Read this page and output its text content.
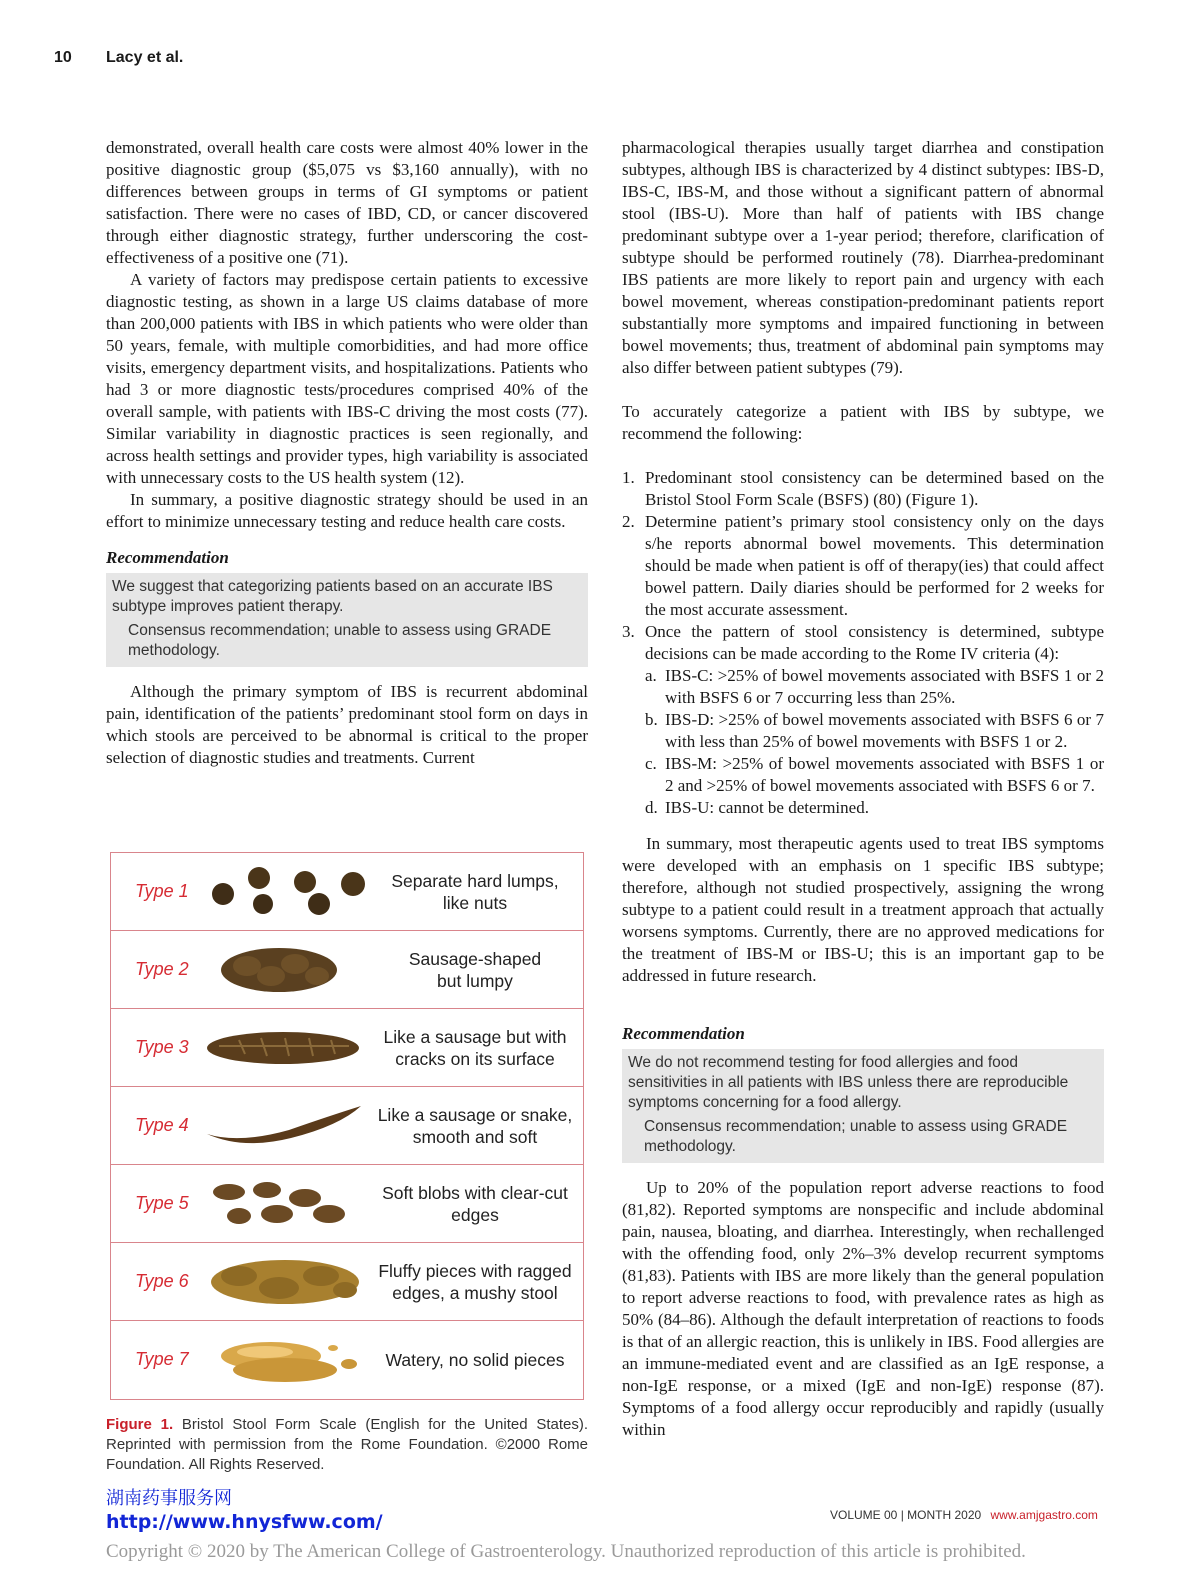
10 Lacy et al.

demonstrated, overall health care costs were almost 40% lower in the positive diagnostic group ($5,075 vs $3,160 annually), with no differences between groups in terms of GI symptoms or patient satisfaction. There were no cases of IBD, CD, or cancer discovered through either diagnostic strategy, further underscoring the cost-effectiveness of a positive one (71).

A variety of factors may predispose certain patients to excessive diagnostic testing, as shown in a large US claims database of more than 200,000 patients with IBS in which patients who were older than 50 years, female, with multiple comorbidities, and had more office visits, emergency department visits, and hospitalizations. Patients who had 3 or more diagnostic tests/procedures comprised 40% of the overall sample, with patients with IBS-C driving the most costs (77). Similar variability in diagnostic practices is seen regionally, and across health settings and provider types, high variability is associated with unnecessary costs to the US health system (12).

In summary, a positive diagnostic strategy should be used in an effort to minimize unnecessary testing and reduce health care costs.

Recommendation
We suggest that categorizing patients based on an accurate IBS subtype improves patient therapy.
Consensus recommendation; unable to assess using GRADE methodology.

Although the primary symptom of IBS is recurrent abdominal pain, identification of the patients’ predominant stool form on days in which stools are perceived to be abnormal is critical to the proper selection of diagnostic studies and treatments. Current

pharmacological therapies usually target diarrhea and constipation subtypes, although IBS is characterized by 4 distinct subtypes: IBS-D, IBS-C, IBS-M, and those without a significant pattern of abnormal stool (IBS-U). More than half of patients with IBS change predominant subtype over a 1-year period; therefore, clarification of subtype should be performed routinely (78). Diarrhea-predominant IBS patients are more likely to report pain and urgency with each bowel movement, whereas constipation-predominant patients report substantially more symptoms and impaired functioning in between bowel movements; thus, treatment of abdominal pain symptoms may also differ between patient subtypes (79).

To accurately categorize a patient with IBS by subtype, we recommend the following:

1. Predominant stool consistency can be determined based on the Bristol Stool Form Scale (BSFS) (80) (Figure 1).
2. Determine patient’s primary stool consistency only on the days s/he reports abnormal bowel movements. This determination should be made when patient is off of therapy(ies) that could affect bowel pattern. Daily diaries should be performed for 2 weeks for the most accurate assessment.
3. Once the pattern of stool consistency is determined, subtype decisions can be made according to the Rome IV criteria (4):
a. IBS-C: >25% of bowel movements associated with BSFS 1 or 2 with BSFS 6 or 7 occurring less than 25%.
b. IBS-D: >25% of bowel movements associated with BSFS 6 or 7 with less than 25% of bowel movements with BSFS 1 or 2.
c. IBS-M: >25% of bowel movements associated with BSFS 1 or 2 and >25% of bowel movements associated with BSFS 6 or 7.
d. IBS-U: cannot be determined.

In summary, most therapeutic agents used to treat IBS symptoms were developed with an emphasis on 1 specific IBS subtype; therefore, although not studied prospectively, assigning the wrong subtype to a patient could result in a treatment approach that actually worsens symptoms. Currently, there are no approved medications for the treatment of IBS-M or IBS-U; this is an important gap to be addressed in future research.

Recommendation
We do not recommend testing for food allergies and food sensitivities in all patients with IBS unless there are reproducible symptoms concerning for a food allergy.
Consensus recommendation; unable to assess using GRADE methodology.

Up to 20% of the population report adverse reactions to food (81,82). Reported symptoms are nonspecific and include abdominal pain, nausea, bloating, and diarrhea. Interestingly, when rechallenged with the offending food, only 2%–3% develop recurrent symptoms (81,83). Patients with IBS are more likely than the general population to report adverse reactions to food, with prevalence rates as high as 50% (84–86). Although the default interpretation of reactions to foods is that of an allergic reaction, this is unlikely in IBS. Food allergies are an immune-mediated event and are classified as an IgE response, a non-IgE response, or a mixed (IgE and non-IgE) response (87). Symptoms of a food allergy occur reproducibly and rapidly (usually within

Type 1
Separate hard lumps,
like nuts
Type 2
Sausage-shaped
but lumpy
Type 3
Like a sausage but with
cracks on its surface
Type 4
Like a sausage or snake,
smooth and soft
Type 5
Soft blobs with clear-cut
edges
Type 6
Fluffy pieces with ragged
edges, a mushy stool
Type 7	Watery, no solid pieces
Figure 1. Bristol Stool Form Scale (English for the United States). Reprinted with permission from the Rome Foundation. ©2000 Rome Foundation. All Rights Reserved.
湖南药事服务网
http://www.hnysfww.com/	VOLUME 00 | MONTH 2020 www.amjgastro.com
Copyright © 2020 by The American College of Gastroenterology. Unauthorized reproduction of this article is prohibited.
